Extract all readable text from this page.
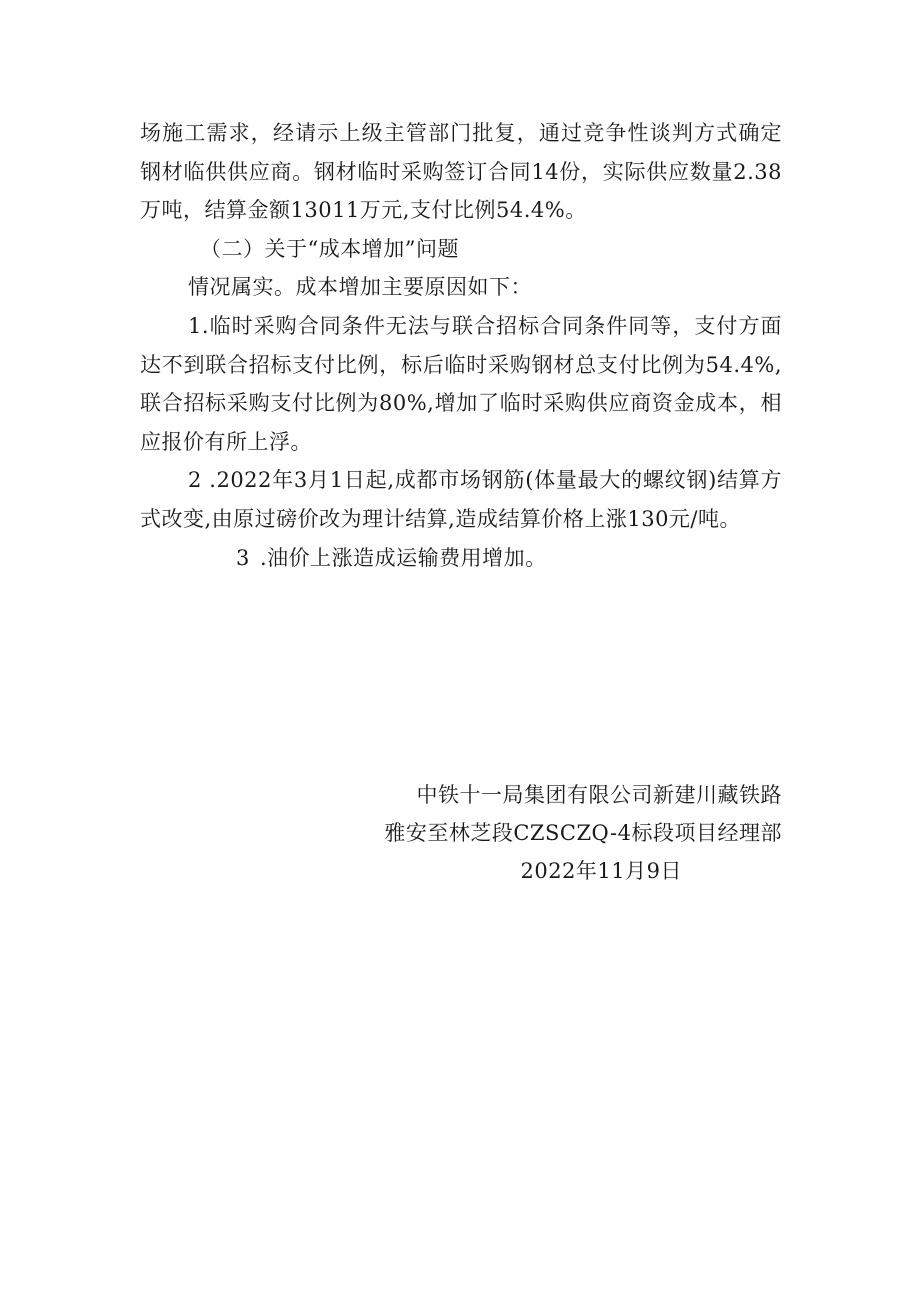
场施工需求，经请示上级主管部门批复，通过竞争性谈判方式确定钢材临供供应商。钢材临时采购签订合同14份，实际供应数量2.38万吨，结算金额13011万元,支付比例54.4%。

（二）关于“成本增加”问题

情况属实。成本增加主要原因如下：

1.临时采购合同条件无法与联合招标合同条件同等，支付方面达不到联合招标支付比例，标后临时采购钢材总支付比例为54.4%,联合招标采购支付比例为80%,增加了临时采购供应商资金成本，相应报价有所上浮。

2 .2022年3月1日起,成都市场钢筋(体量最大的螺纹钢)结算方式改变,由原过磅价改为理计结算,造成结算价格上涨130元/吨。

3 .油价上涨造成运输费用增加。

中铁十一局集团有限公司新建川藏铁路
雅安至林芝段CZSCZQ-4标段项目经理部
2022年11月9日
